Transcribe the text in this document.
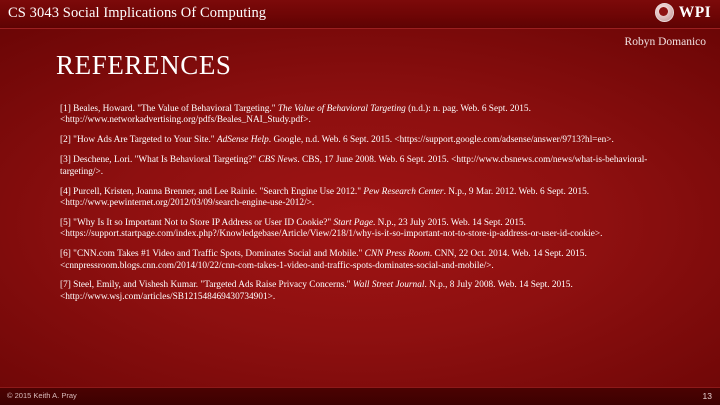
CS 3043 Social Implications Of Computing	WPI
Robyn Domanico
REFERENCES
[1] Beales, Howard. "The Value of Behavioral Targeting." The Value of Behavioral Targeting (n.d.): n. pag. Web. 6 Sept. 2015. <http://www.networkadvertising.org/pdfs/Beales_NAI_Study.pdf>.
[2] "How Ads Are Targeted to Your Site." AdSense Help. Google, n.d. Web. 6 Sept. 2015. <https://support.google.com/adsense/answer/9713?hl=en>.
[3] Deschene, Lori. "What Is Behavioral Targeting?" CBS News. CBS, 17 June 2008. Web. 6 Sept. 2015. <http://www.cbsnews.com/news/what-is-behavioral-targeting/>.
[4] Purcell, Kristen, Joanna Brenner, and Lee Rainie. "Search Engine Use 2012." Pew Research Center. N.p., 9 Mar. 2012. Web. 6 Sept. 2015. <http://www.pewinternet.org/2012/03/09/search-engine-use-2012/>.
[5] "Why Is It so Important Not to Store IP Address or User ID Cookie?" Start Page. N.p., 23 July 2015. Web. 14 Sept. 2015. <https://support.startpage.com/index.php?/Knowledgebase/Article/View/218/1/why-is-it-so-important-not-to-store-ip-address-or-user-id-cookie>.
[6] "CNN.com Takes #1 Video and Traffic Spots, Dominates Social and Mobile." CNN Press Room. CNN, 22 Oct. 2014. Web. 14 Sept. 2015. <cnnpressroom.blogs.cnn.com/2014/10/22/cnn-com-takes-1-video-and-traffic-spots-dominates-social-and-mobile/>.
[7] Steel, Emily, and Vishesh Kumar. "Targeted Ads Raise Privacy Concerns." Wall Street Journal. N.p., 8 July 2008. Web. 14 Sept. 2015. <http://www.wsj.com/articles/SB121548469430734901>.
© 2015 Keith A. Pray	13
